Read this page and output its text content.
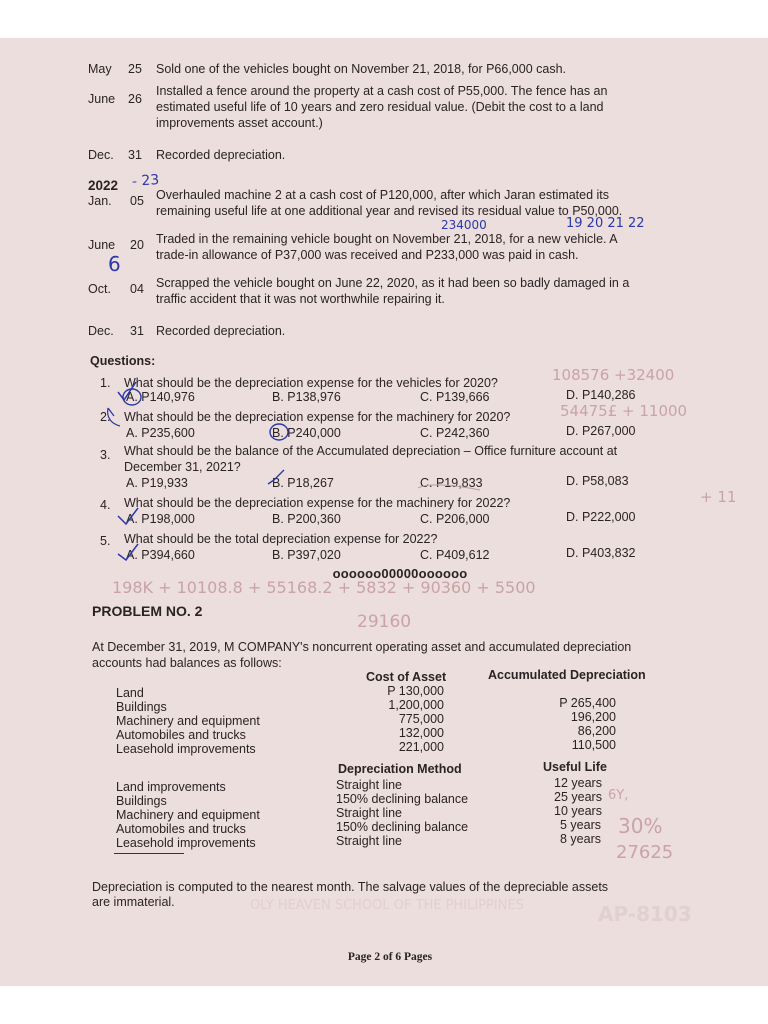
OLY HEAVEN SCHOOL OF THE PHILIPPINES	AP-8103
May 25 Sold one of the vehicles bought on November 21, 2018, for P66,000 cash.
June 26
Installed a fence around the property at a cash cost of P55,000. The fence has an
estimated useful life of 10 years and zero residual value. (Debit the cost to a land
improvements asset account.)
Dec. 31 Recorded depreciation.
2022 - 23
Jan. 05 Overhauled machine 2 at a cash cost of P120,000, after which Jaran estimated its
remaining useful life at one additional year and revised its residual value to P50,000.
234000	19 20 21 22
June 20 Traded in the remaining vehicle bought on November 21, 2018, for a new vehicle. A
trade-in allowance of P37,000 was received and P233,000 was paid in cash.
6
Oct. 04 Scrapped the vehicle bought on June 22, 2020, as it had been so badly damaged in a
traffic accident that it was not worthwhile repairing it.
Dec. 31 Recorded depreciation.
Questions:
1. What should be the depreciation expense for the vehicles for 2020?	108576 +32400
A. P140,976	B. P138,976	C. P139,666	D. P140,286
2. What should be the depreciation expense for the machinery for 2020?	54475£ + 11000
A. P235,600	B. P240,000	C. P242,360	D. P267,000
3. What should be the balance of the Accumulated depreciation – Office furniture account at
December 31, 2021?
A. P19,933	B. P18,267	C. P19,833	D. P58,083
4. What should be the depreciation expense for the machinery for 2022?	+ 11
A. P198,000	B. P200,360	C. P206,000	D. P222,000
5. What should be the total depreciation expense for 2022?
A. P394,660	B. P397,020	C. P409,612	D. P403,832
oooooo00000oooooo
198K + 10108.8 + 55168.2 + 5832 + 90360 + 5500
29160
PROBLEM NO. 2
At December 31, 2019, M COMPANY's noncurrent operating asset and accumulated depreciation
accounts had balances as follows:
Cost of Asset	Accumulated Depreciation
Land	P 130,000
Buildings	1,200,000	P 265,400
Machinery and equipment	775,000	196,200
Automobiles and trucks	132,000	86,200
Leasehold improvements	221,000	110,500
Depreciation Method	Useful Life
Land improvements	Straight line	12 years
Buildings	150% declining balance	25 years 6Y,
Machinery and equipment	Straight line	10 years
Automobiles and trucks	150% declining balance	5 years 30%
Leasehold improvements	Straight line	8 years
27625
Depreciation is computed to the nearest month. The salvage values of the depreciable assets
are immaterial.
Page 2 of 6 Pages
